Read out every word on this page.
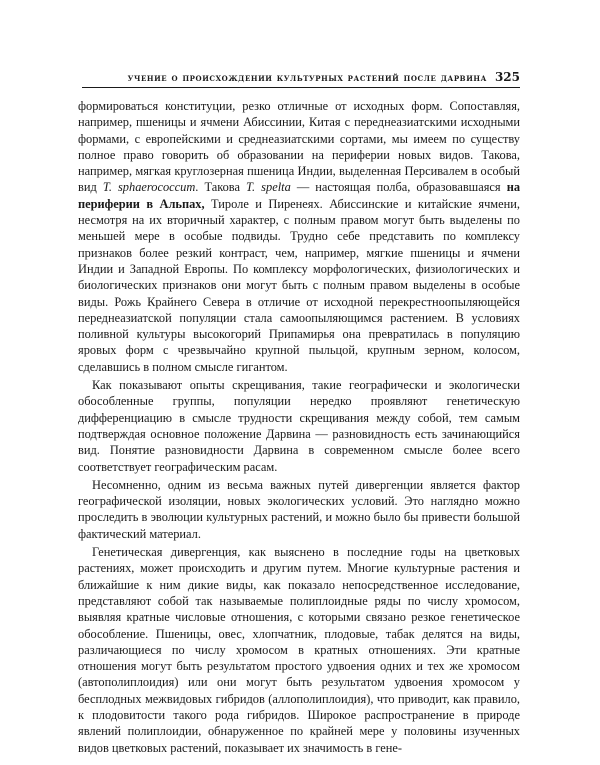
учение о происхождении культурных растений после дарвина 325

формироваться конституции, резко отличные от исходных форм. Сопоставляя, например, пшеницы и ячмени Абиссинии, Китая с переднеазиатскими исходными формами, с европейскими и среднеазиатскими сортами, мы имеем по существу полное право говорить об образовании на периферии новых видов. Такова, например, мягкая круглозерная пшеница Индии, выделенная Персивалем в особый вид T. sphaerococcum. Такова T. spelta — настоящая полба, образовавшаяся на периферии в Альпах, Тироле и Пиренеях. Абиссинские и китайские ячмени, несмотря на их вторичный характер, с полным правом могут быть выделены по меньшей мере в особые подвиды. Трудно себе представить по комплексу признаков более резкий контраст, чем, например, мягкие пшеницы и ячмени Индии и Западной Европы. По комплексу морфологических, физиологических и биологических признаков они могут быть с полным правом выделены в особые виды. Рожь Крайнего Севера в отличие от исходной перекрестноопыляющейся переднеазиатской популяции стала самоопыляющимся растением. В условиях поливной культуры высокогорий Припамирья она превратилась в популяцию яровых форм с чрезвычайно крупной пыльцой, крупным зерном, колосом, сделавшись в полном смысле гигантом.

Как показывают опыты скрещивания, такие географически и экологически обособленные группы, популяции нередко проявляют генетическую дифференциацию в смысле трудности скрещивания между собой, тем самым подтверждая основное положение Дарвина — разновидность есть зачинающийся вид. Понятие разновидности Дарвина в современном смысле более всего соответствует географическим расам.

Несомненно, одним из весьма важных путей дивергенции является фактор географической изоляции, новых экологических условий. Это наглядно можно проследить в эволюции культурных растений, и можно было бы привести большой фактический материал.

Генетическая дивергенция, как выяснено в последние годы на цветковых растениях, может происходить и другим путем. Многие культурные растения и ближайшие к ним дикие виды, как показало непосредственное исследование, представляют собой так называемые полиплоидные ряды по числу хромосом, выявляя кратные числовые отношения, с которыми связано резкое генетическое обособление. Пшеницы, овес, хлопчатник, плодовые, табак делятся на виды, различающиеся по числу хромосом в кратных отношениях. Эти кратные отношения могут быть результатом простого удвоения одних и тех же хромосом (автополиплоидия) или они могут быть результатом удвоения хромосом у бесплодных межвидовых гибридов (аллополиплоидия), что приводит, как правило, к плодовитости такого рода гибридов. Широкое распространение в природе явлений полиплоидии, обнаруженное по крайней мере у половины изученных видов цветковых растений, показывает их значимость в гене-
